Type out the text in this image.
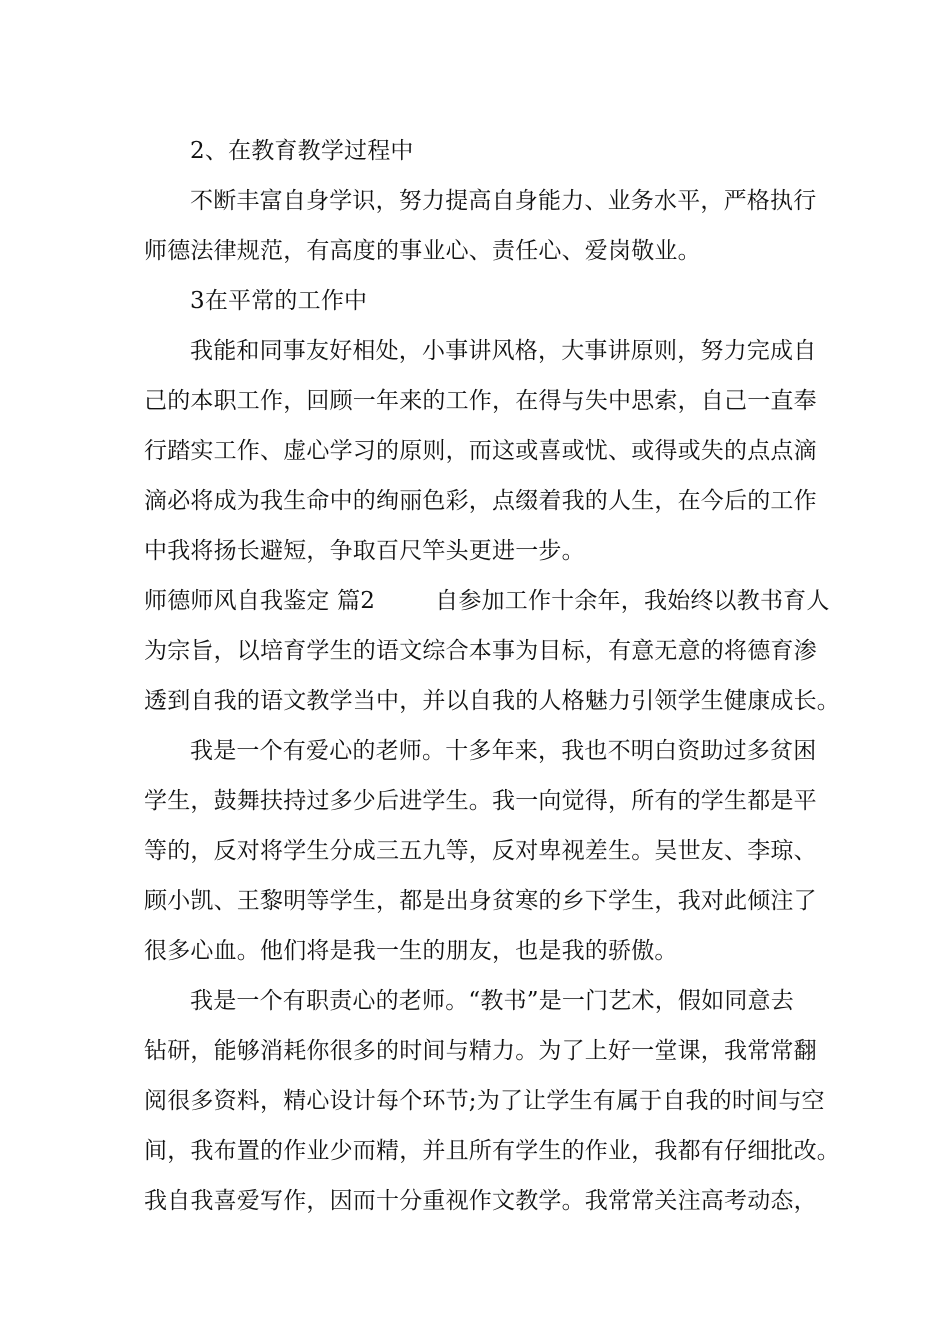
2、在教育教学过程中
不断丰富自身学识，努力提高自身能力、业务水平，严格执行
师德法律规范，有高度的事业心、责任心、爱岗敬业。
3在平常的工作中
我能和同事友好相处，小事讲风格，大事讲原则，努力完成自
己的本职工作，回顾一年来的工作，在得与失中思索，自己一直奉
行踏实工作、虚心学习的原则，而这或喜或忧、或得或失的点点滴
滴必将成为我生命中的绚丽色彩，点缀着我的人生，在今后的工作
中我将扬长避短，争取百尺竿头更进一步。
师德师风自我鉴定 篇2	自参加工作十余年，我始终以教书育人
为宗旨，以培育学生的语文综合本事为目标，有意无意的将德育渗
透到自我的语文教学当中，并以自我的人格魅力引领学生健康成长。
我是一个有爱心的老师。十多年来，我也不明白资助过多贫困
学生，鼓舞扶持过多少后进学生。我一向觉得，所有的学生都是平
等的，反对将学生分成三五九等，反对卑视差生。吴世友、李琼、
顾小凯、王黎明等学生，都是出身贫寒的乡下学生，我对此倾注了
很多心血。他们将是我一生的朋友，也是我的骄傲。
我是一个有职责心的老师。“教书”是一门艺术，假如同意去
钻研，能够消耗你很多的时间与精力。为了上好一堂课，我常常翻
阅很多资料，精心设计每个环节;为了让学生有属于自我的时间与空
间，我布置的作业少而精，并且所有学生的作业，我都有仔细批改。
我自我喜爱写作，因而十分重视作文教学。我常常关注高考动态，
